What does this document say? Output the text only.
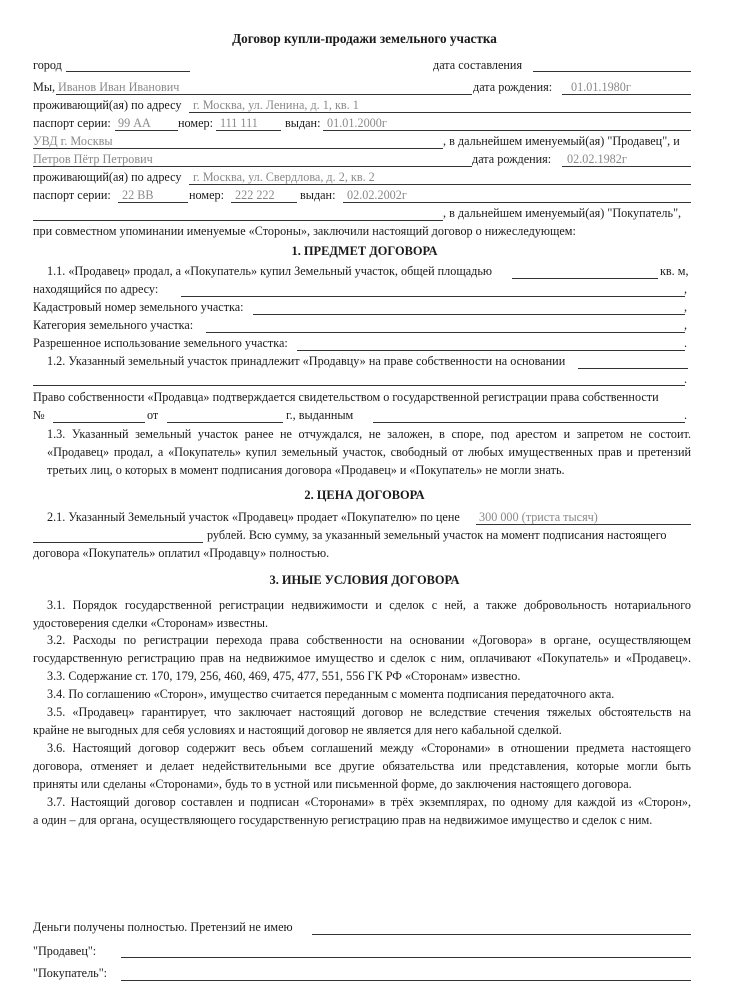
Договор купли-продажи земельного участка
город	дата составления
Мы, Иванов Иван Иванович	дата рождения: 01.01.1980г
проживающий(ая) по адресу г. Москва, ул. Ленина, д. 1, кв. 1
паспорт серии: 99 АА номер: 111 111 выдан: 01.01.2000г
УВД г. Москвы	, в дальнейшем именуемый(ая) "Продавец", и
Петров Пётр Петрович	дата рождения: 02.02.1982г
проживающий(ая) по адресу г. Москва, ул. Свердлова, д. 2, кв. 2
паспорт серии: 22 ВВ	номер: 222 222 выдан: 02.02.2002г
, в дальнейшем именуемый(ая) "Покупатель",
при совместном упоминании именуемые «Стороны», заключили настоящий договор о нижеследующем:
1. ПРЕДМЕТ ДОГОВОРА
1.1. «Продавец» продал, а «Покупатель» купил Земельный участок, общей площадью	кв. м,
находящийся по адресу:	,
Кадастровый номер земельного участка:	,
Категория земельного участка:	,
Разрешенное использование земельного участка:	.
1.2. Указанный земельный участок принадлежит «Продавцу» на праве собственности на основании
.
Право собственности «Продавца» подтверждается свидетельством о государственной регистрации права собственности
№	от	г., выданным	.
1.3. Указанный земельный участок ранее не отчуждался, не заложен, в споре, под арестом и запретом не состоит.
«Продавец» продал, а «Покупатель» купил земельный участок, свободный от любых имущественных прав и претензий
третьих лиц, о которых в момент подписания договора «Продавец» и «Покупатель» не могли знать.
2. ЦЕНА ДОГОВОРА
2.1. Указанный Земельный участок «Продавец» продает «Покупателю» по цене 300 000 (триста тысяч)
рублей. Всю сумму, за указанный земельный участок на момент подписания настоящего
договора «Покупатель» оплатил «Продавцу» полностью.
3. ИНЫЕ УСЛОВИЯ ДОГОВОРА
3.1. Порядок государственной регистрации недвижимости и сделок с ней, а также добровольность нотариального
удостоверения сделки «Сторонам» известны.
3.2. Расходы по регистрации перехода права собственности на основании «Договора» в органе, осуществляющем
государственную регистрацию прав на недвижимое имущество и сделок с ним, оплачивают «Покупатель» и «Продавец».
3.3. Содержание ст. 170, 179, 256, 460, 469, 475, 477, 551, 556 ГК РФ «Сторонам» известно.
3.4. По соглашению «Сторон», имущество считается переданным с момента подписания передаточного акта.
3.5. «Продавец» гарантирует, что заключает настоящий договор не вследствие стечения тяжелых обстоятельств на
крайне не выгодных для себя условиях и настоящий договор не является для него кабальной сделкой.
3.6. Настоящий договор содержит весь объем соглашений между «Сторонами» в отношении предмета настоящего
договора, отменяет и делает недействительными все другие обязательства или представления, которые могли быть
приняты или сделаны «Сторонами», будь то в устной или письменной форме, до заключения настоящего договора.
3.7. Настоящий договор составлен и подписан «Сторонами» в трёх экземплярах, по одному для каждой из «Сторон»,
а один – для органа, осуществляющего государственную регистрацию прав на недвижимое имущество и сделок с ним.
Деньги получены полностью. Претензий не имею
"Продавец":
"Покупатель":
